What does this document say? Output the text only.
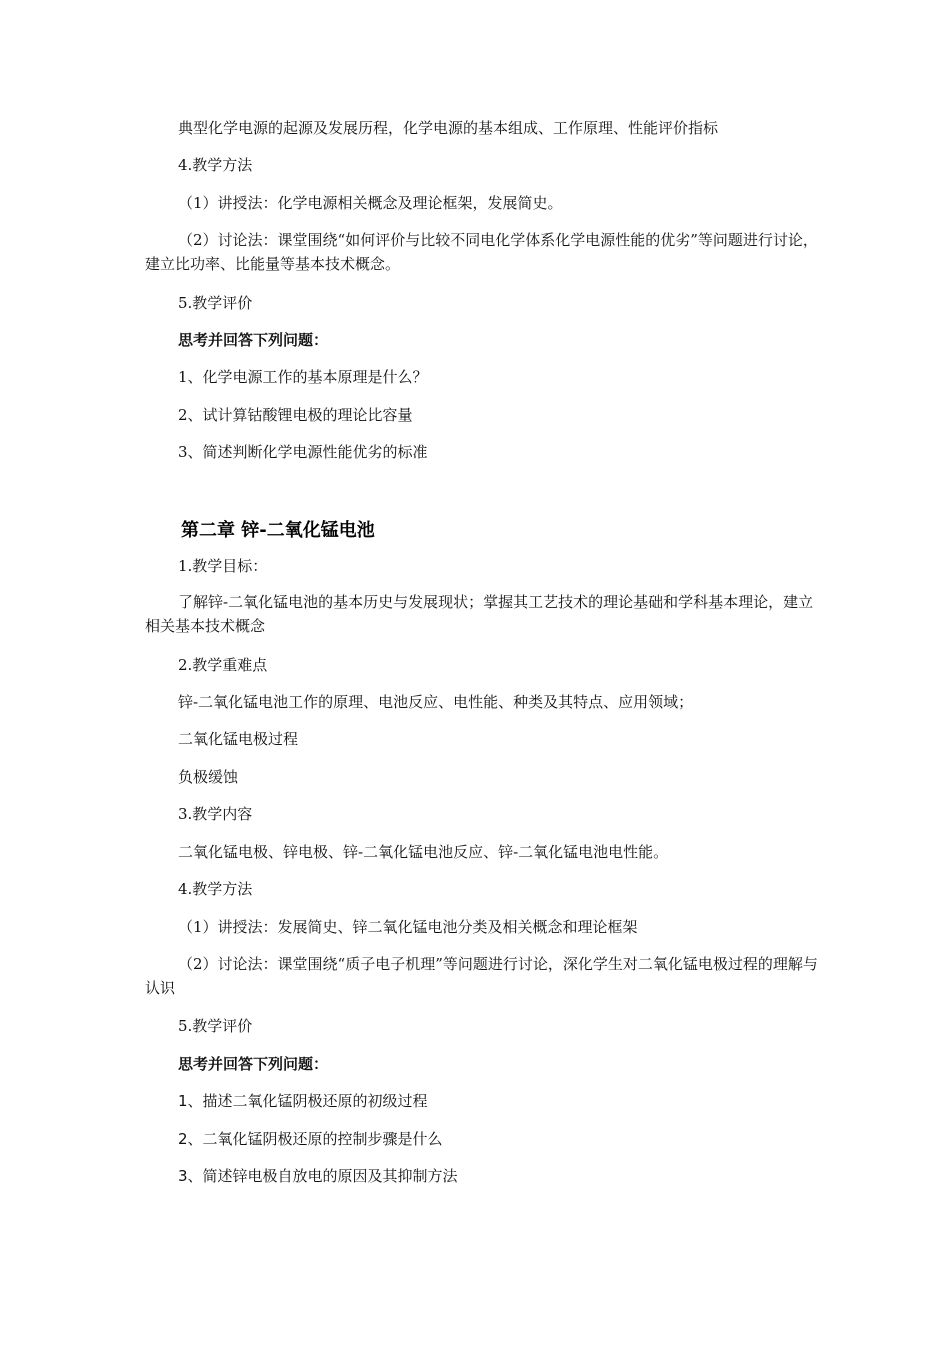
典型化学电源的起源及发展历程，化学电源的基本组成、工作原理、性能评价指标
4.教学方法
（1）讲授法：化学电源相关概念及理论框架，发展简史。
（2）讨论法：课堂围绕“如何评价与比较不同电化学体系化学电源性能的优劣”等问题进行讨论，建立比功率、比能量等基本技术概念。
5.教学评价
思考并回答下列问题：
1、化学电源工作的基本原理是什么？
2、试计算钴酸锂电极的理论比容量
3、简述判断化学电源性能优劣的标准
第二章 锌-二氧化锰电池
1.教学目标：
了解锌-二氧化锰电池的基本历史与发展现状；掌握其工艺技术的理论基础和学科基本理论，建立相关基本技术概念
2.教学重难点
锌-二氧化锰电池工作的原理、电池反应、电性能、种类及其特点、应用领域；
二氧化锰电极过程
负极缓蚀
3.教学内容
二氧化锰电极、锌电极、锌-二氧化锰电池反应、锌-二氧化锰电池电性能。
4.教学方法
（1）讲授法：发展简史、锌二氧化锰电池分类及相关概念和理论框架
（2）讨论法：课堂围绕“质子电子机理”等问题进行讨论，深化学生对二氧化锰电极过程的理解与认识
5.教学评价
思考并回答下列问题：
1、描述二氧化锰阴极还原的初级过程
2、二氧化锰阴极还原的控制步骤是什么
3、简述锌电极自放电的原因及其抑制方法
